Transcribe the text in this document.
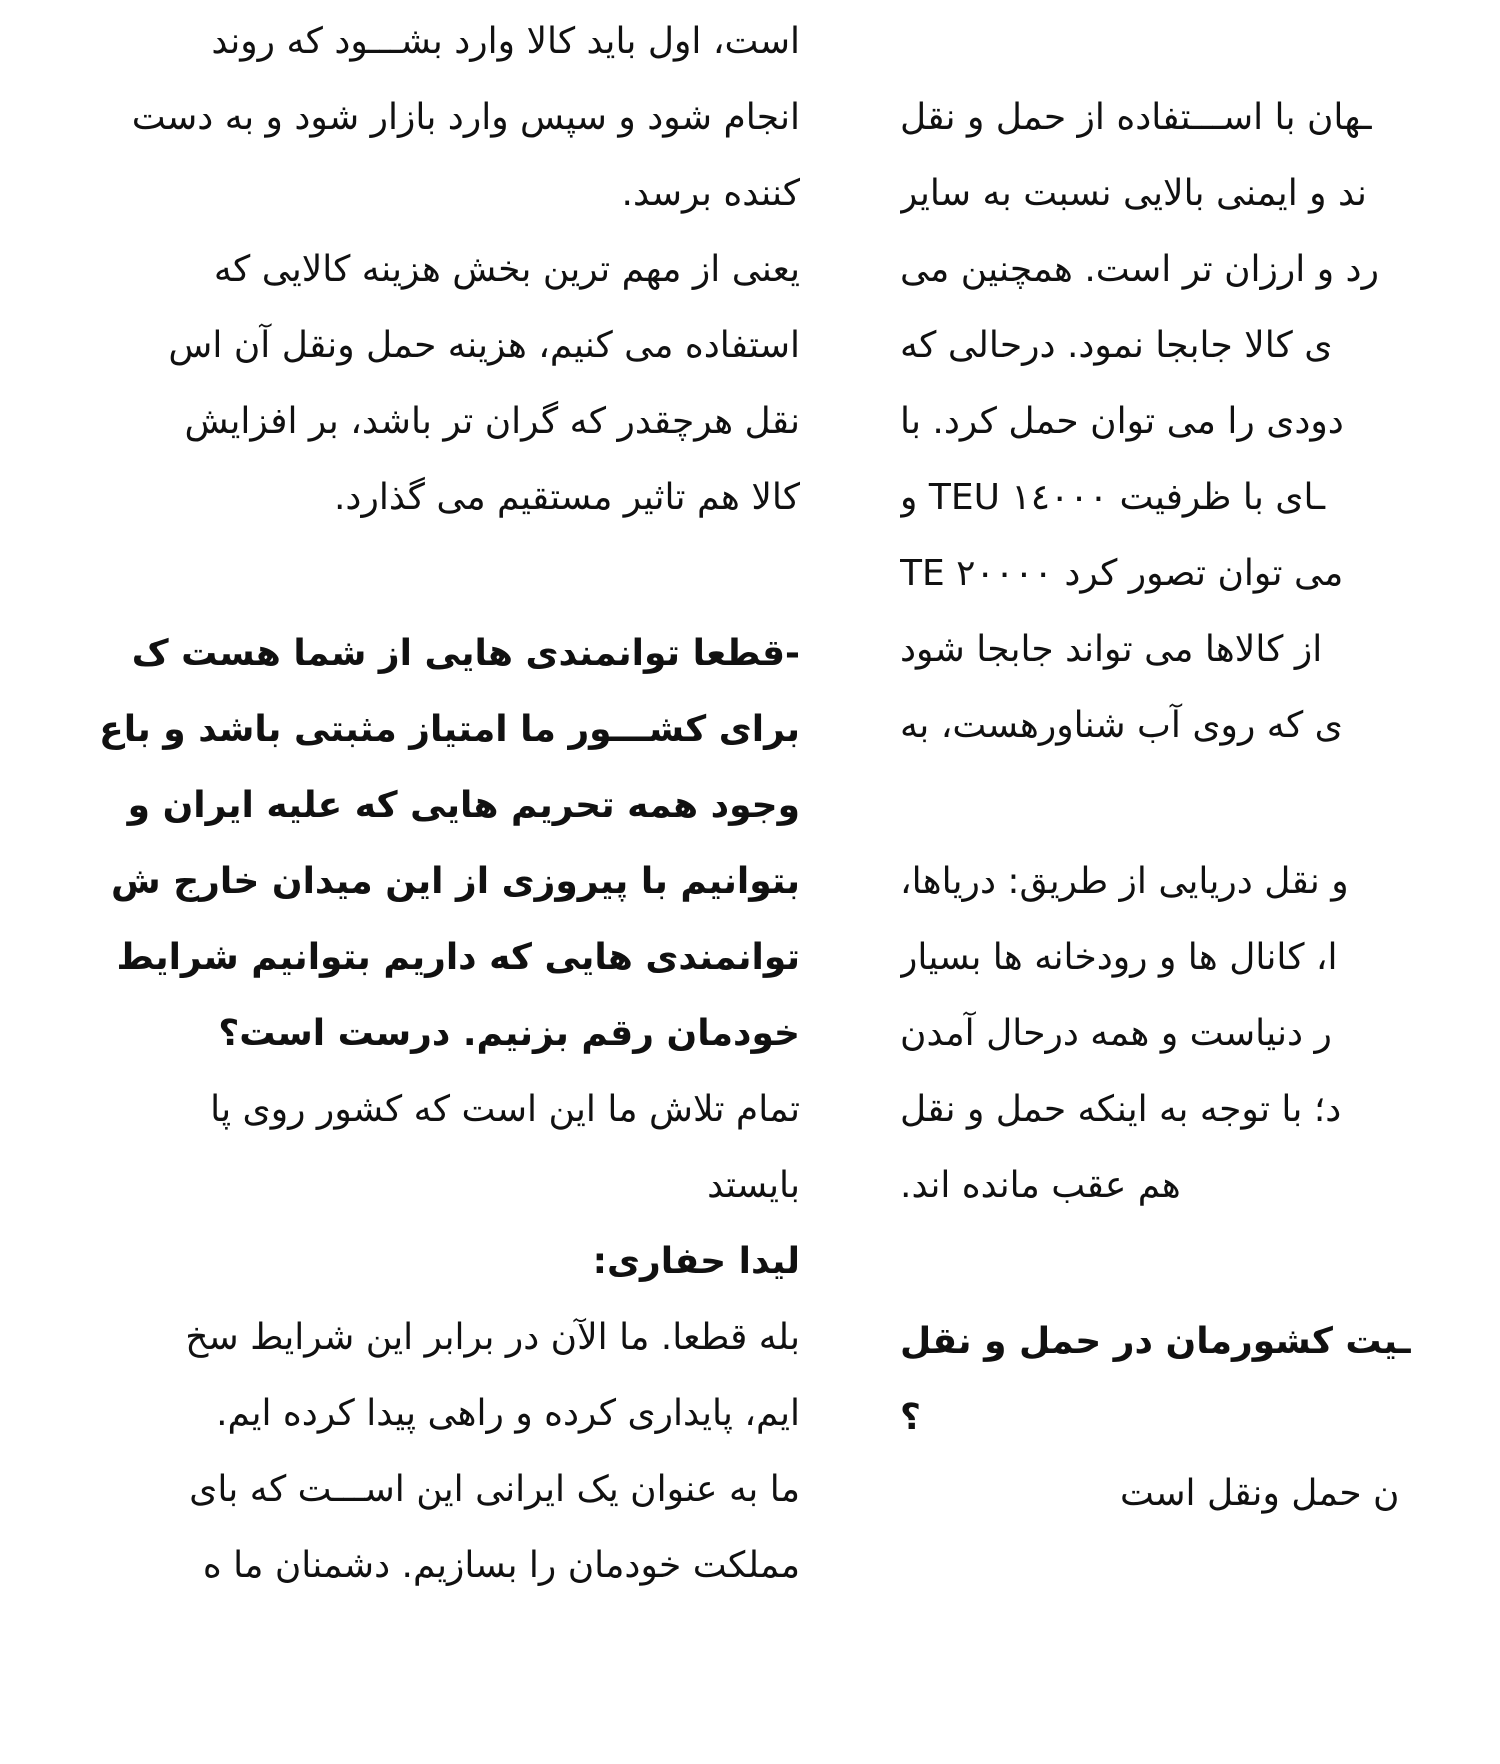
است، اول باید کالا وارد بشـــود که روند
انجام شود و سپس وارد بازار شود و به دست
کننده برسد.
یعنی از مهم ترین بخش هزینه کالایی که
استفاده می کنیم، هزینه حمل ونقل آن اس
نقل هرچقدر که گران تر باشد، بر افزایش
کالا هم تاثیر مستقیم می گذارد.
-قطعا توانمندی هایی از شما هست ک
برای کشـــور ما امتیاز مثبتی باشد و باع
وجود همه تحریم هایی که علیه ایران و
بتوانیم با پیروزی از این میدان خارج ش
توانمندی هایی که داریم بتوانیم شرایط
خودمان رقم بزنیم. درست است؟
تمام تلاش ما این است که کشور روی پا
بایستد
لیدا حفاری:
بله قطعا. ما الآن در برابر این شرایط سخ
ایم، پایداری کرده و راهی پیدا کرده ایم.
ما به عنوان یک ایرانی این اســـت که بای
مملکت خودمان را بسازیم. دشمنان ما ه
ـهان با اســـتفاده از حمل و نقل
ند و ایمنی بالایی نسبت به سایر
رد و ارزان تر است. همچنین می
ی کالا جابجا نمود. درحالی که
دودی را می توان حمل کرد. با
ـای با ظرفیت TEU ۱٤۰۰۰ و
TE ۲۰۰۰۰ می توان تصور کرد
از کالاها می تواند جابجا شود
ی که روی آب شناورهست، به
و نقل دریایی از طریق: دریاها،
ا، کانال ها و رودخانه ها بسیار
ر دنیاست و همه درحال آمدن
د؛ با توجه به اینکه حمل و نقل
هم عقب مانده اند.
ـیت کشورمان در حمل و نقل
؟
ن حمل ونقل است
